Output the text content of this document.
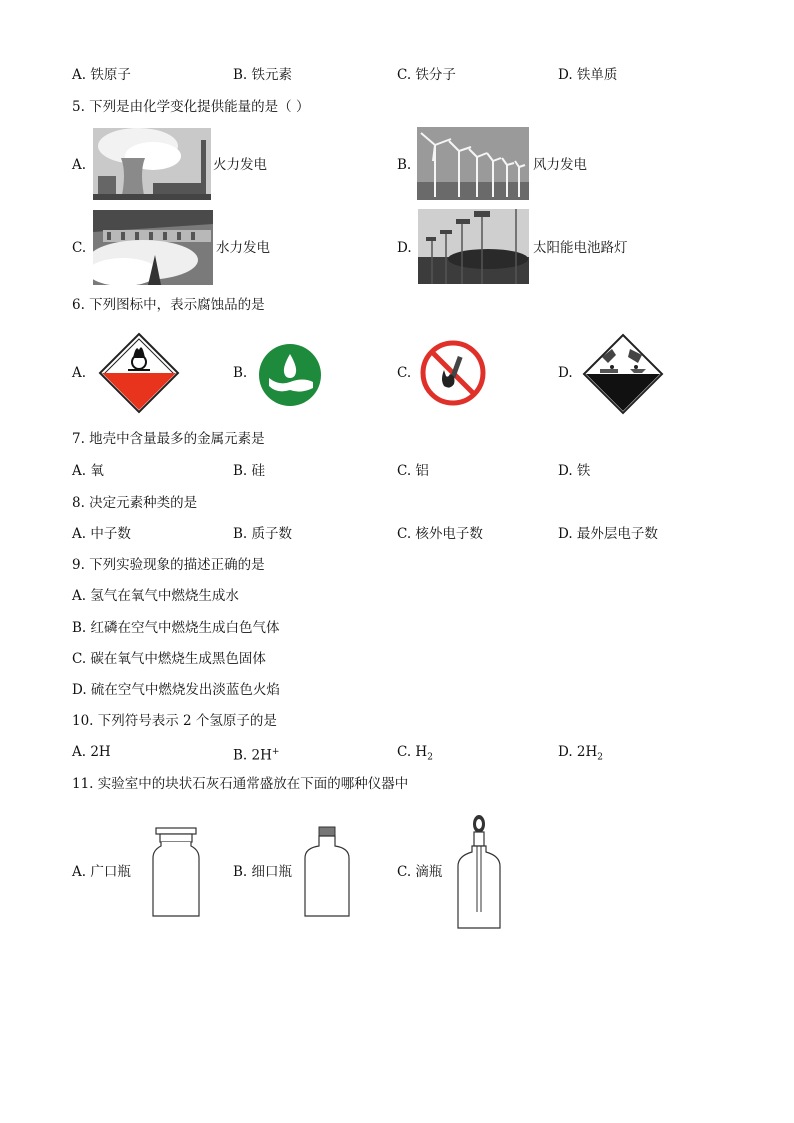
A. 铁原子	B. 铁元素	C. 铁分子	D. 铁单质
5. 下列是由化学变化提供能量的是（ ）
A.	火力发电	B.	风力发电
C.	水力发电	D.	太阳能电池路灯
6. 下列图标中，表示腐蚀品的是
A.	B.	C.	D.
7. 地壳中含量最多的金属元素是
A. 氧	B. 硅	C. 铝	D. 铁
8. 决定元素种类的是
A. 中子数	B. 质子数	C. 核外电子数	D. 最外层电子数
9. 下列实验现象的描述正确的是
A. 氢气在氧气中燃烧生成水
B. 红磷在空气中燃烧生成白色气体
C. 碳在氧气中燃烧生成黑色固体
D. 硫在空气中燃烧发出淡蓝色火焰
10. 下列符号表示 2 个氢原子的是
A. 2H	B. 2H+	C. $H_2$	D. $2H_2$
11. 实验室中的块状石灰石通常盛放在下面的哪种仪器中
A. 广口瓶	B. 细口瓶	C. 滴瓶
